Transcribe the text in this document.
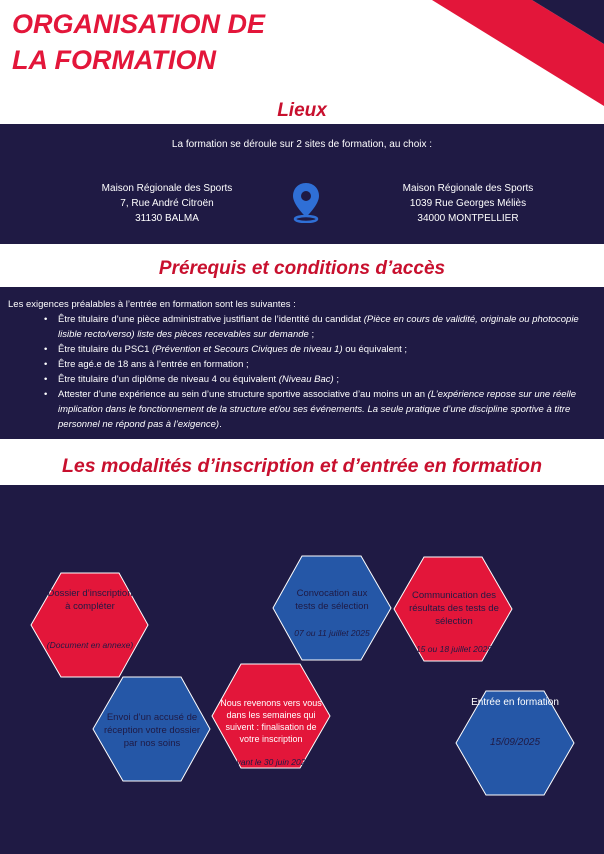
ORGANISATION DE
LA FORMATION
Lieux
La formation se déroule sur 2 sites de formation, au choix :
Maison Régionale des Sports
7, Rue André Citroën
31130 BALMA
Maison Régionale des Sports
1039 Rue Georges Méliès
34000 MONTPELLIER
Prérequis et conditions d’accès
Les exigences préalables à l’entrée en formation sont les suivantes :
• Être titulaire d’une pièce administrative justifiant de l’identité du candidat (Pièce en cours de validité, originale ou photocopie lisible recto/verso) liste des pièces recevables sur demande ;
• Être titulaire du PSC1 (Prévention et Secours Civiques de niveau 1) ou équivalent ;
• Être agé.e de 18 ans à l’entrée en formation ;
• Être titulaire d’un diplôme de niveau 4 ou équivalent (Niveau Bac) ;
• Attester d’une expérience au sein d’une structure sportive associative d’au moins un an (L’expérience repose sur une réelle implication dans le fonctionnement de la structure et/ou ses événements. La seule pratique d’une discipline sportive à titre personnel ne répond pas à l’exigence).
Les modalités d’inscription et d’entrée en formation
Dossier d’inscription à compléter
(Document en annexe)
Envoi d’un accusé de réception votre dossier par nos soins
Convocation aux tests de sélection
07 ou 11 juillet 2025
Nous revenons vers vous dans les semaines qui suivent : finalisation de votre inscription
avant le 30 juin 2025
Communication des résultats des tests de sélection
15 ou 18 juillet 2025
Entrée en formation
15/09/2025
